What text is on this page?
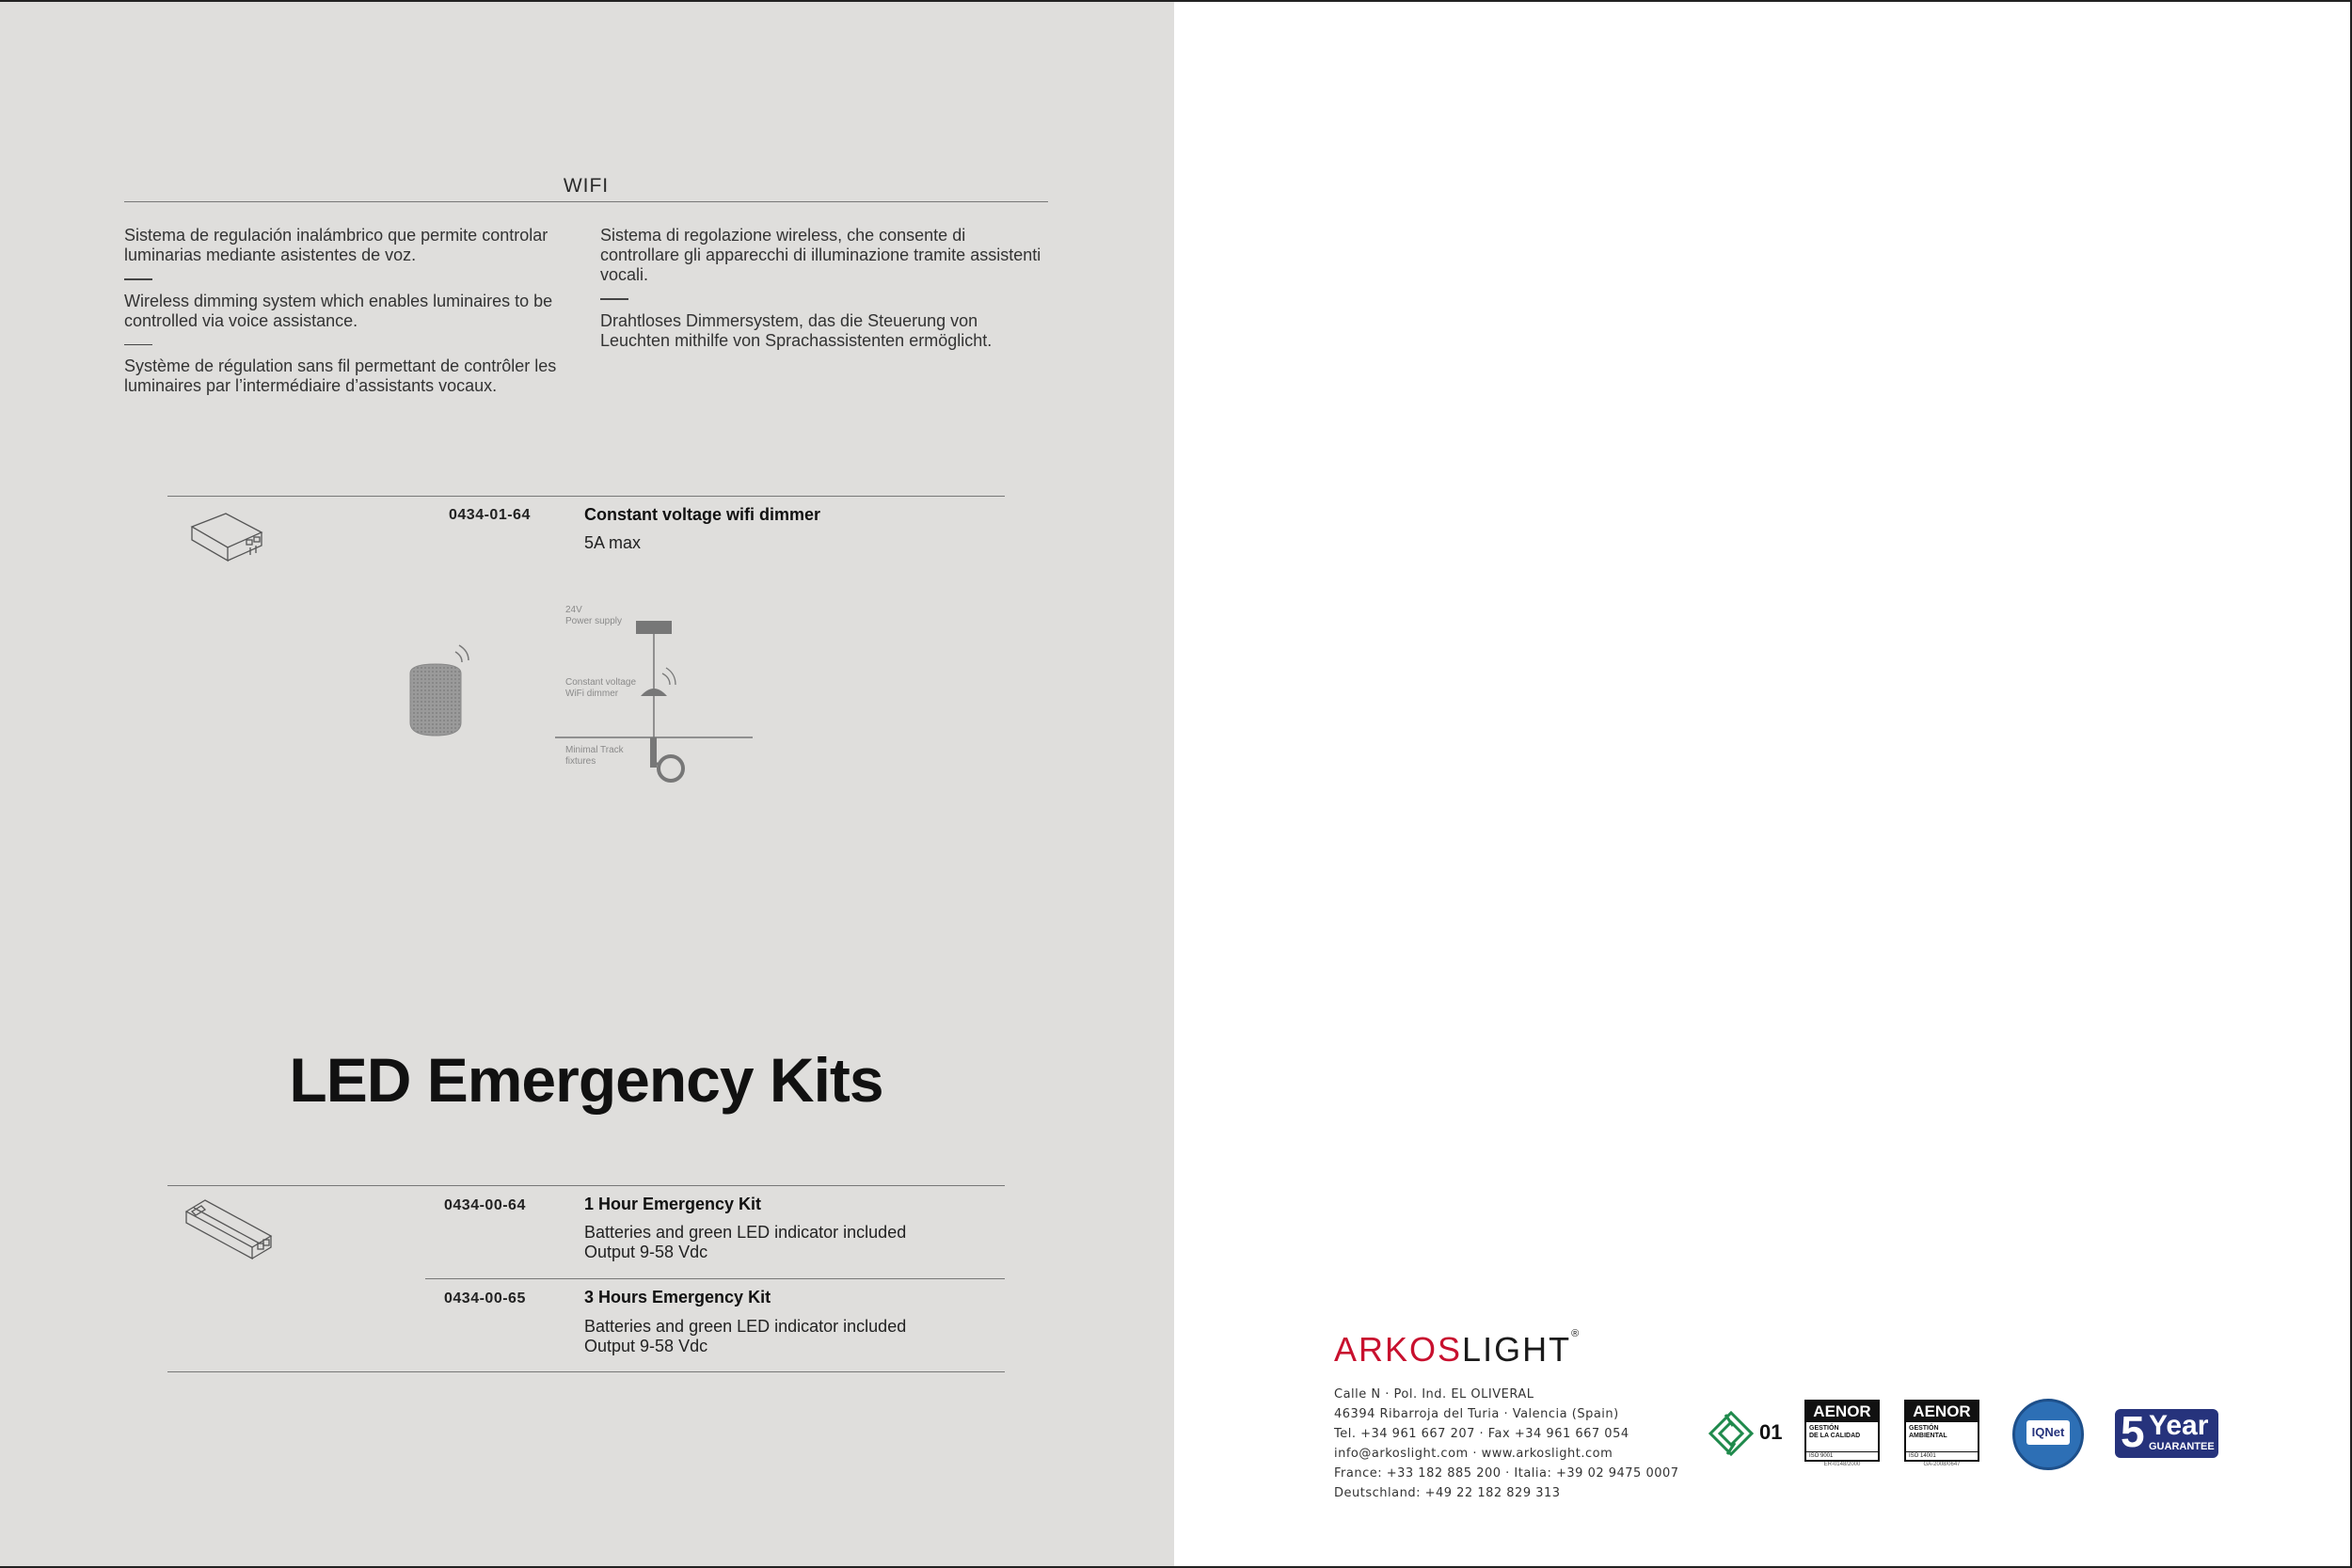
WIFI

Sistema de regulación inalámbrico que permite controlar luminarias mediante asistentes de voz.

Wireless dimming system which enables luminaires to be controlled via voice assistance.

Système de régulation sans fil permettant de contrôler les luminaires par l’intermédiaire d’assistants vocaux.

Sistema di regolazione wireless, che consente di controllare gli apparecchi di illuminazione tramite assistenti vocali.

Drahtloses Dimmersystem, das die Steuerung von Leuchten mithilfe von Sprachassistenten ermöglicht.

0434-01-64	Constant voltage wifi dimmer
5A max
24V
Power supply
Constant voltage
WiFi dimmer
Minimal Track
fixtures
LED Emergency Kits
0434-00-64	1 Hour Emergency Kit
Batteries and green LED indicator included
Output 9-58 Vdc
0434-00-65	3 Hours Emergency Kit
Batteries and green LED indicator included
Output 9-58 Vdc	ARKOSLIGHT®
Calle N · Pol. Ind. EL OLIVERAL
46394 Ribarroja del Turia · Valencia (Spain)
Tel. +34 961 667 207 · Fax +34 961 667 054
info@arkoslight.com · www.arkoslight.com
France: +33 182 885 200 · Italia: +39 02 9475 0007
Deutschland: +49 22 182 829 313
01
AENOR
GESTIÓN
DE LA CALIDAD
ISO 9001
ER-0148/2000
AENOR
GESTIÓN
AMBIENTAL
ISO 14001
GA-2008/0647
IQNet 5 Year
GUARANTEE
